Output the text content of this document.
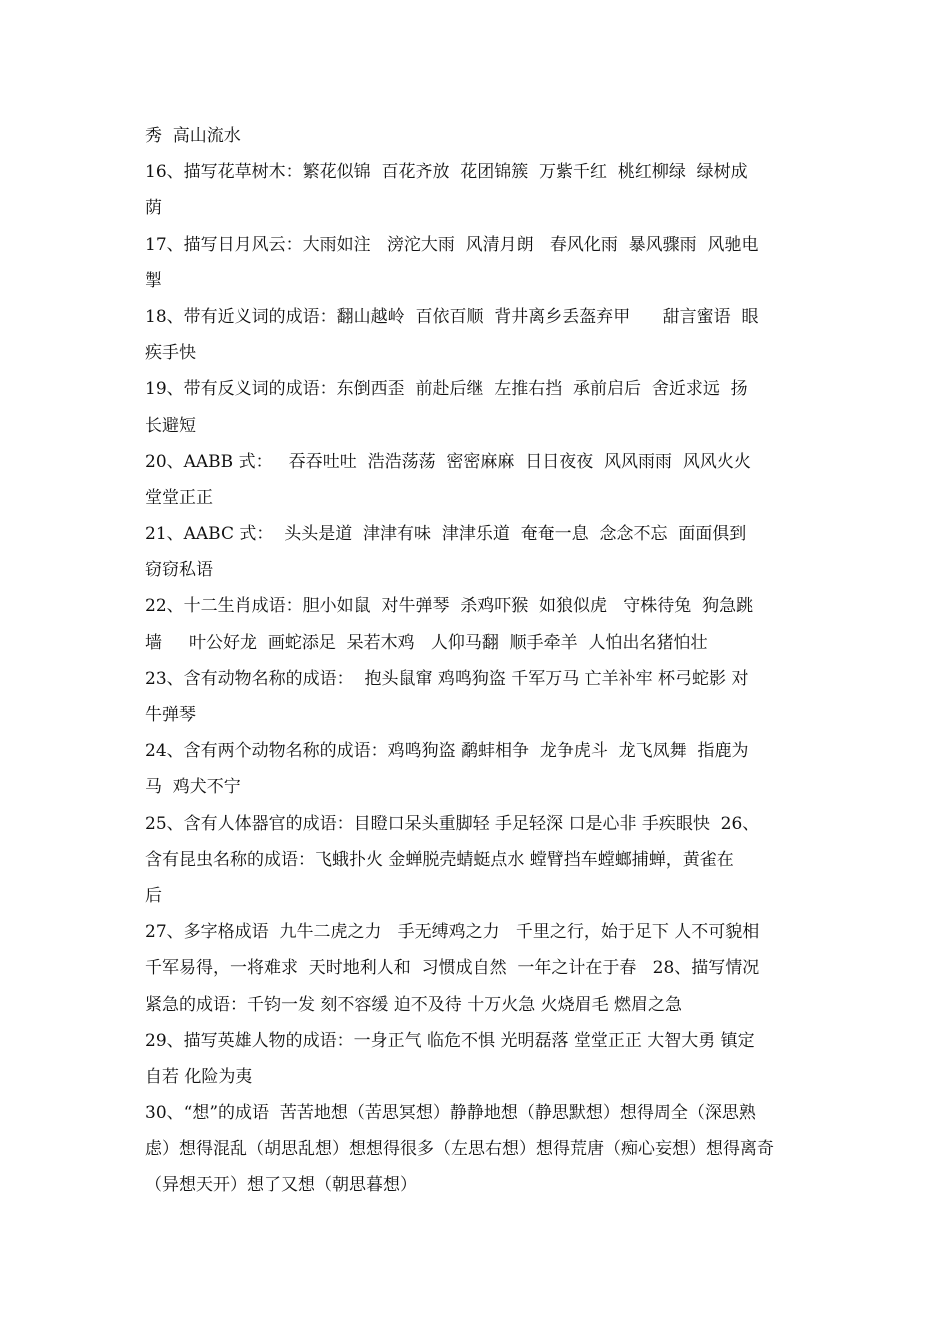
秀  高山流水
16、描写花草树木：繁花似锦  百花齐放  花团锦簇  万紫千红  桃红柳绿  绿树成
荫
17、描写日月风云：大雨如注   滂沱大雨  风清月朗   春风化雨  暴风骤雨  风驰电
掣
18、带有近义词的成语：翻山越岭  百依百顺  背井离乡丢盔弃甲      甜言蜜语  眼
疾手快
19、带有反义词的成语：东倒西歪  前赴后继  左推右挡  承前启后  舍近求远  扬
长避短
20、AABB 式：   吞吞吐吐  浩浩荡荡  密密麻麻  日日夜夜  风风雨雨  风风火火
堂堂正正
21、AABC 式：  头头是道  津津有味  津津乐道  奄奄一息  念念不忘  面面俱到
窃窃私语
22、十二生肖成语：胆小如鼠  对牛弹琴  杀鸡吓猴  如狼似虎   守株待兔  狗急跳
墙     叶公好龙  画蛇添足  呆若木鸡   人仰马翻  顺手牵羊  人怕出名猪怕壮
23、含有动物名称的成语：  抱头鼠窜 鸡鸣狗盗 千军万马 亡羊补牢 杯弓蛇影 对
牛弹琴
24、含有两个动物名称的成语：鸡鸣狗盗 鹬蚌相争  龙争虎斗  龙飞凤舞  指鹿为
马  鸡犬不宁
25、含有人体器官的成语：目瞪口呆头重脚轻 手足轻深 口是心非 手疾眼快  26、
含有昆虫名称的成语：飞蛾扑火 金蝉脱壳蜻蜓点水 螳臂挡车螳螂捕蝉，黄雀在
后
27、多字格成语  九牛二虎之力   手无缚鸡之力   千里之行，始于足下 人不可貌相
千军易得，一将难求  天时地利人和  习惯成自然  一年之计在于春   28、描写情况
紧急的成语：千钧一发 刻不容缓 迫不及待 十万火急 火烧眉毛 燃眉之急
29、描写英雄人物的成语：一身正气 临危不惧 光明磊落 堂堂正正 大智大勇 镇定
自若 化险为夷
30、“想”的成语  苦苦地想（苦思冥想）静静地想（静思默想）想得周全（深思熟
虑）想得混乱（胡思乱想）想想得很多（左思右想）想得荒唐（痴心妄想）想得离奇
（异想天开）想了又想（朝思暮想）
